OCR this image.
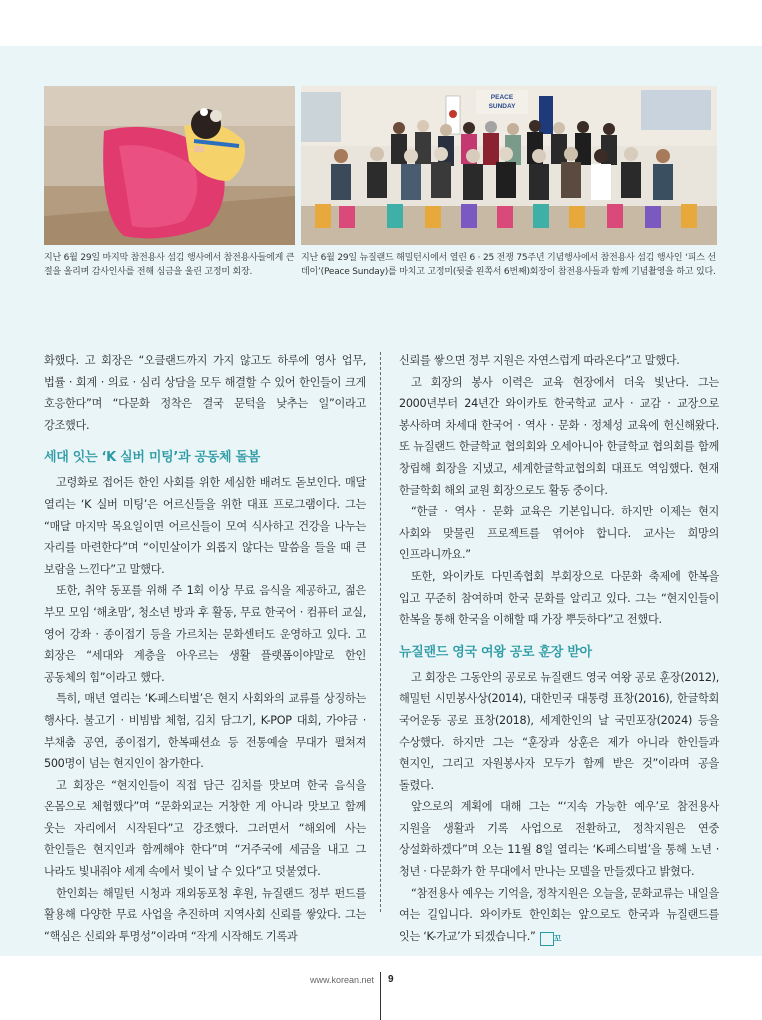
PEACE
SUNDAY
지난 6월 29일 마지막 참전용사 섬김 행사에서 참전용사들에게 큰절을 올리며 감사인사를 전해 심금을 울린 고정미 회장.
지난 6월 29일 뉴질랜드 해밀턴시에서 열린 6 · 25 전쟁 75주년 기념행사에서 참전용사 섬김 행사인 ‘피스 선데이’(Peace Sunday)를 마치고 고정미(뒷줄 왼쪽서 6번째)회장이 참전용사들과 함께 기념촬영을 하고 있다.

화했다. 고 회장은 “오클랜드까지 가지 않고도 하루에 영사 업무, 법률 · 회계 · 의료 · 심리 상담을 모두 해결할 수 있어 한인들이 크게 호응한다”며 “다문화 정착은 결국 문턱을 낮추는 일”이라고 강조했다.

세대 잇는 ‘K 실버 미팅’과 공동체 돌봄

고령화로 접어든 한인 사회를 위한 세심한 배려도 돋보인다. 매달 열리는 ‘K 실버 미팅’은 어르신들을 위한 대표 프로그램이다. 그는 “매달 마지막 목요일이면 어르신들이 모여 식사하고 건강을 나누는 자리를 마련한다”며 “이민살이가 외롭지 않다는 말씀을 들을 때 큰 보람을 느낀다”고 말했다.

또한, 취약 동포를 위해 주 1회 이상 무료 음식을 제공하고, 젊은 부모 모임 ‘해초맘’, 청소년 방과 후 활동, 무료 한국어 · 컴퓨터 교실, 영어 강좌 · 종이접기 등을 가르치는 문화센터도 운영하고 있다. 고 회장은 “세대와 계층을 아우르는 생활 플랫폼이야말로 한인 공동체의 힘”이라고 했다.

특히, 매년 열리는 ‘K-페스티벌’은 현지 사회와의 교류를 상징하는 행사다. 불고기 · 비빔밥 체험, 김치 담그기, K-POP 대회, 가야금 · 부채춤 공연, 종이접기, 한복패션쇼 등 전통예술 무대가 펼쳐져 500명이 넘는 현지인이 참가한다.

고 회장은 “현지인들이 직접 담근 김치를 맛보며 한국 음식을 온몸으로 체험했다”며 “문화외교는 거창한 게 아니라 맛보고 함께 웃는 자리에서 시작된다”고 강조했다. 그러면서 “해외에 사는 한인들은 현지인과 함께해야 한다”며 “거주국에 세금을 내고 그 나라도 빛내줘야 세계 속에서 빛이 날 수 있다”고 덧붙였다.

한인회는 해밀턴 시청과 재외동포청 후원, 뉴질랜드 정부 펀드를 활용해 다양한 무료 사업을 추진하며 지역사회 신뢰를 쌓았다. 그는 “핵심은 신뢰와 투명성”이라며 “작게 시작해도 기록과

신뢰를 쌓으면 정부 지원은 자연스럽게 따라온다”고 말했다.

고 회장의 봉사 이력은 교육 현장에서 더욱 빛난다. 그는 2000년부터 24년간 와이카토 한국학교 교사 · 교감 · 교장으로 봉사하며 차세대 한국어 · 역사 · 문화 · 정체성 교육에 헌신해왔다. 또 뉴질랜드 한글학교 협의회와 오세아니아 한글학교 협의회를 함께 창립해 회장을 지냈고, 세계한글학교협의회 대표도 역임했다. 현재 한글학회 해외 교원 회장으로도 활동 중이다.

“한글 · 역사 · 문화 교육은 기본입니다. 하지만 이제는 현지 사회와 맞물린 프로젝트를 엮어야 합니다. 교사는 희망의 인프라니까요.”

또한, 와이카토 다민족협회 부회장으로 다문화 축제에 한복을 입고 꾸준히 참여하며 한국 문화를 알리고 있다. 그는 “현지인들이 한복을 통해 한국을 이해할 때 가장 뿌듯하다”고 전했다.

뉴질랜드 영국 여왕 공로 훈장 받아

고 회장은 그동안의 공로로 뉴질랜드 영국 여왕 공로 훈장(2012), 해밀턴 시민봉사상(2014), 대한민국 대통령 표창(2016), 한글학회 국어운동 공로 표창(2018), 세계한인의 날 국민포장(2024) 등을 수상했다. 하지만 그는 “훈장과 상훈은 제가 아니라 한인들과 현지인, 그리고 자원봉사자 모두가 함께 받은 것”이라며 공을 돌렸다.

앞으로의 계획에 대해 그는 “‘지속 가능한 예우’로 참전용사 지원을 생활과 기록 사업으로 전환하고, 정착지원은 연중 상설화하겠다”며 오는 11월 8일 열리는 ‘K-페스티벌’을 통해 노년 · 청년 · 다문화가 한 무대에서 만나는 모델을 만들겠다고 밝혔다.

“참전용사 예우는 기억을, 정착지원은 오늘을, 문화교류는 내일을 여는 길입니다. 와이카토 한인회는 앞으로도 한국과 뉴질랜드를 잇는 ‘K-가교’가 되겠습니다.” 꼬

www.korean.net 9
